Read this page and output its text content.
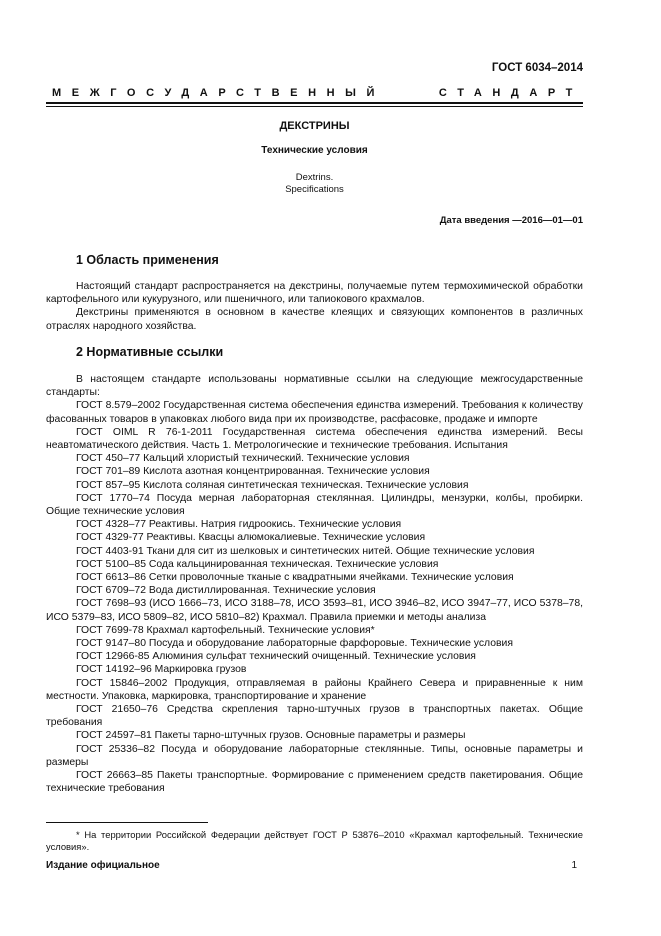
ГОСТ 6034–2014
МЕЖГОСУДАРСТВЕННЫЙ	СТАНДАРТ
ДЕКСТРИНЫ
Технические условия
Dextrins.
Specifications
Дата введения —2016—01—01
1 Область применения

Настоящий стандарт распространяется на декстрины, получаемые путем термохимической обработки картофельного или кукурузного, или пшеничного, или тапиокового крахмалов.

Декстрины применяются в основном в качестве клеящих и связующих компонентов в различных отраслях народного хозяйства.

2 Нормативные ссылки

В настоящем стандарте использованы нормативные ссылки на следующие межгосударственные стандарты:

ГОСТ 8.579–2002 Государственная система обеспечения единства измерений. Требования к количеству фасованных товаров в упаковках любого вида при их производстве, расфасовке, продаже и импорте

ГОСТ OIML R 76-1-2011 Государственная система обеспечения единства измерений. Весы неавтоматического действия. Часть 1. Метрологические и технические требования. Испытания

ГОСТ 450–77 Кальций хлористый технический. Технические условия

ГОСТ 701–89 Кислота азотная концентрированная. Технические условия

ГОСТ 857–95 Кислота соляная синтетическая техническая. Технические условия

ГОСТ 1770–74 Посуда мерная лабораторная стеклянная. Цилиндры, мензурки, колбы, пробирки. Общие технические условия

ГОСТ 4328–77 Реактивы. Натрия гидроокись. Технические условия

ГОСТ 4329-77 Реактивы. Квасцы алюмокалиевые. Технические условия

ГОСТ 4403-91 Ткани для сит из шелковых и синтетических нитей. Общие технические условия

ГОСТ 5100–85 Сода кальцинированная техническая. Технические условия

ГОСТ 6613–86 Сетки проволочные тканые с квадратными ячейками. Технические условия

ГОСТ 6709–72 Вода дистиллированная. Технические условия

ГОСТ 7698–93 (ИСО 1666–73, ИСО 3188–78, ИСО 3593–81, ИСО 3946–82, ИСО 3947–77, ИСО 5378–78, ИСО 5379–83, ИСО 5809–82, ИСО 5810–82) Крахмал. Правила приемки и методы анализа

ГОСТ 7699-78 Крахмал картофельный. Технические условия*

ГОСТ 9147–80 Посуда и оборудование лабораторные фарфоровые. Технические условия

ГОСТ 12966-85 Алюминия сульфат технический очищенный. Технические условия

ГОСТ 14192–96 Маркировка грузов

ГОСТ 15846–2002 Продукция, отправляемая в районы Крайнего Севера и приравненные к ним местности. Упаковка, маркировка, транспортирование и хранение

ГОСТ 21650–76 Средства скрепления тарно-штучных грузов в транспортных пакетах. Общие требования

ГОСТ 24597–81 Пакеты тарно-штучных грузов. Основные параметры и размеры

ГОСТ 25336–82 Посуда и оборудование лабораторные стеклянные. Типы, основные параметры и размеры

ГОСТ 26663–85 Пакеты транспортные. Формирование с применением средств пакетирования. Общие технические требования

* На территории Российской Федерации действует ГОСТ Р 53876–2010 «Крахмал картофельный. Технические условия».

Издание официальное	1
